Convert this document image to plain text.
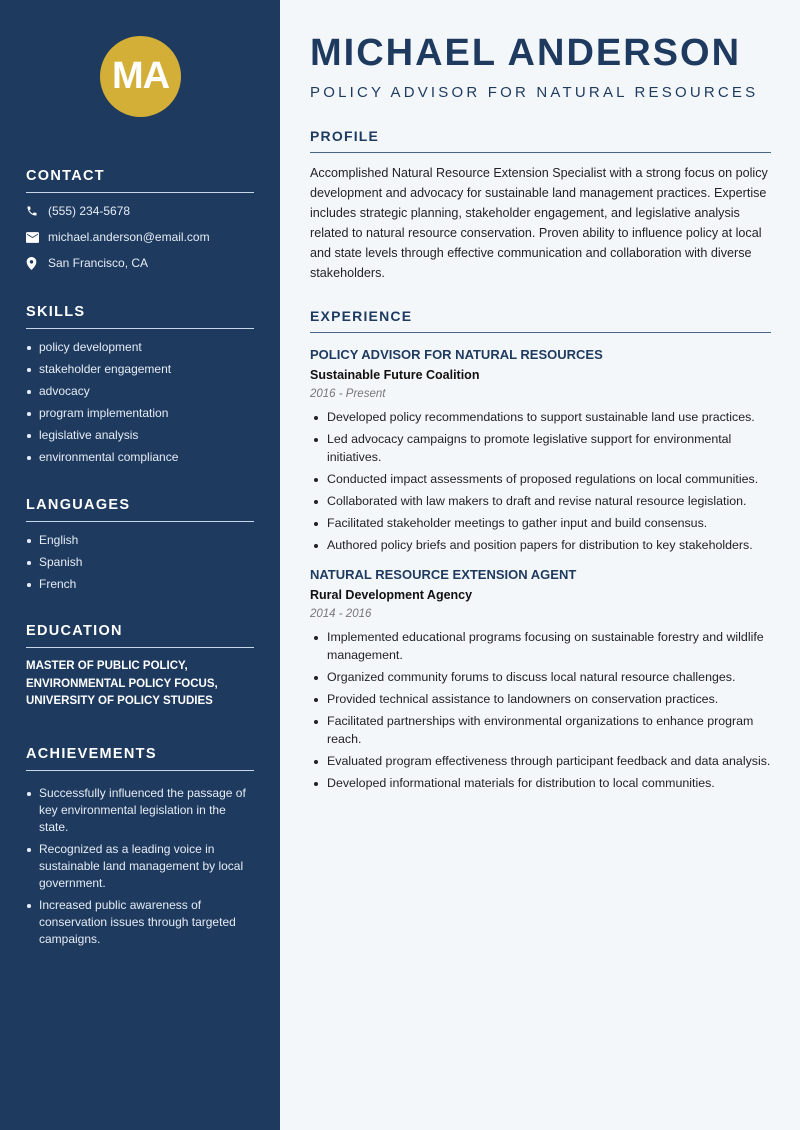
MA
CONTACT
(555) 234-5678
michael.anderson@email.com
San Francisco, CA
SKILLS
policy development
stakeholder engagement
advocacy
program implementation
legislative analysis
environmental compliance
LANGUAGES
English
Spanish
French
EDUCATION
MASTER OF PUBLIC POLICY,
ENVIRONMENTAL POLICY FOCUS,
UNIVERSITY OF POLICY STUDIES
ACHIEVEMENTS
Successfully influenced the passage of key environmental legislation in the state.
Recognized as a leading voice in sustainable land management by local government.
Increased public awareness of conservation issues through targeted campaigns.
MICHAEL ANDERSON
POLICY ADVISOR FOR NATURAL RESOURCES
PROFILE

Accomplished Natural Resource Extension Specialist with a strong focus on policy development and advocacy for sustainable land management practices. Expertise includes strategic planning, stakeholder engagement, and legislative analysis related to natural resource conservation. Proven ability to influence policy at local and state levels through effective communication and collaboration with diverse stakeholders.

EXPERIENCE
POLICY ADVISOR FOR NATURAL RESOURCES
Sustainable Future Coalition
2016 - Present
Developed policy recommendations to support sustainable land use practices.
Led advocacy campaigns to promote legislative support for environmental initiatives.
Conducted impact assessments of proposed regulations on local communities.
Collaborated with law makers to draft and revise natural resource legislation.
Facilitated stakeholder meetings to gather input and build consensus.
Authored policy briefs and position papers for distribution to key stakeholders.
NATURAL RESOURCE EXTENSION AGENT
Rural Development Agency
2014 - 2016
Implemented educational programs focusing on sustainable forestry and wildlife management.
Organized community forums to discuss local natural resource challenges.
Provided technical assistance to landowners on conservation practices.
Facilitated partnerships with environmental organizations to enhance program reach.
Evaluated program effectiveness through participant feedback and data analysis.
Developed informational materials for distribution to local communities.
